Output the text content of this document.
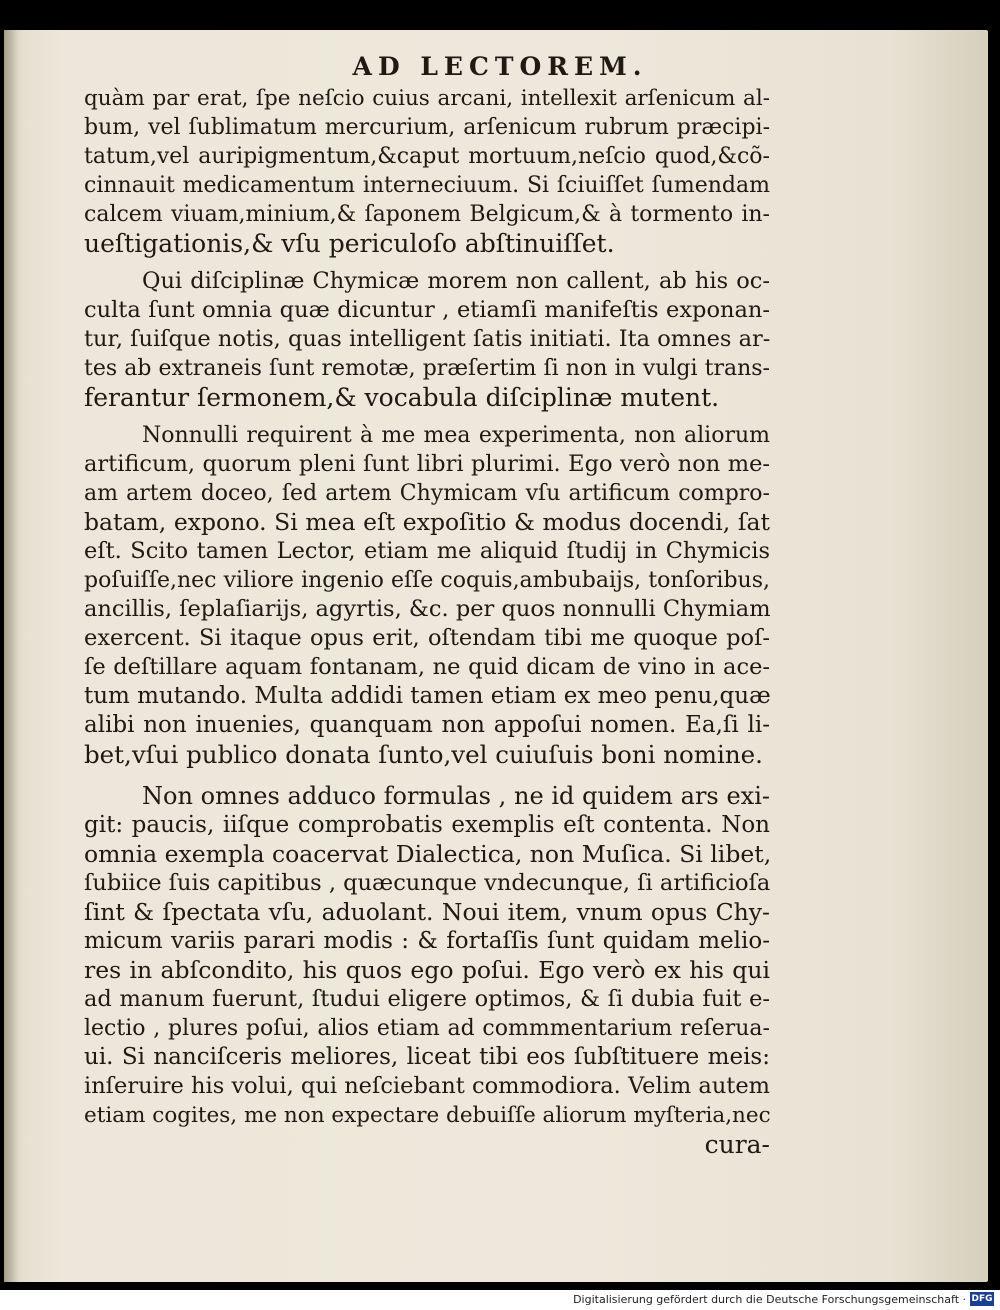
AD LECTOREM.
quàm par erat, ſpe neſcio cuius arcani, intellexit arſenicum al-
bum, vel ſublimatum mercurium, arſenicum rubrum præcipi-
tatum,vel auripigmentum,&caput mortuum,neſcio quod,&cõ-
cinnauit medicamentum interneciuum. Si ſciuiſſet ſumendam
calcem viuam,minium,& ſaponem Belgicum,& à tormento in-
ueſtigationis,& vſu periculoſo abſtinuiſſet.
Qui diſciplinæ Chymicæ morem non callent, ab his oc-
culta ſunt omnia quæ dicuntur , etiamſi manifeſtis exponan-
tur, ſuiſque notis, quas intelligent ſatis initiati. Ita omnes ar-
tes ab extraneis ſunt remotæ, præſertim ſi non in vulgi trans-
ferantur ſermonem,& vocabula diſciplinæ mutent.
Nonnulli requirent à me mea experimenta, non aliorum
artificum, quorum pleni ſunt libri plurimi. Ego verò non me-
am artem doceo, ſed artem Chymicam vſu artificum compro-
batam, expono. Si mea eſt expoſitio & modus docendi, ſat
eſt. Scito tamen Lector, etiam me aliquid ſtudij in Chymicis
poſuiſſe,nec viliore ingenio eſſe coquis,ambubaijs, tonſoribus,
ancillis, ſeplaſiarijs, agyrtis, &c. per quos nonnulli Chymiam
exercent. Si itaque opus erit, oſtendam tibi me quoque poſ-
ſe deſtillare aquam fontanam, ne quid dicam de vino in ace-
tum mutando. Multa addidi tamen etiam ex meo penu,quæ
alibi non inuenies, quanquam non appoſui nomen. Ea,ſi li-
bet,vſui publico donata ſunto,vel cuiuſuis boni nomine.
Non omnes adduco formulas , ne id quidem ars exi-
git: paucis, iiſque comprobatis exemplis eſt contenta. Non
omnia exempla coacervat Dialectica, non Muſica. Si libet,
ſubiice ſuis capitibus , quæcunque vndecunque, ſi artificioſa
ſint & ſpectata vſu, aduolant. Noui item, vnum opus Chy-
micum variis parari modis : & fortaſſis ſunt quidam melio-
res in abſcondito, his quos ego poſui. Ego verò ex his qui
ad manum fuerunt, ſtudui eligere optimos, & ſi dubia fuit e-
lectio , plures poſui, alios etiam ad commmentarium reſerua-
ui. Si nanciſceris meliores, liceat tibi eos ſubſtituere meis:
inſeruire his volui, qui neſciebant commodiora. Velim autem
etiam cogites, me non expectare debuiſſe aliorum myſteria,nec
cura-
Digitalisierung gefördert durch die Deutsche Forschungsgemeinschaft · DFG
